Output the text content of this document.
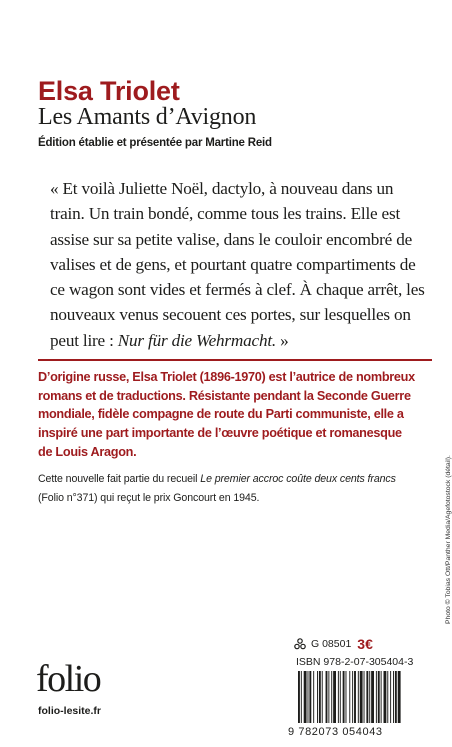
Elsa Triolet
Les Amants d’Avignon
Édition établie et présentée par Martine Reid

« Et voilà Juliette Noël, dactylo, à nouveau dans un

train. Un train bondé, comme tous les trains. Elle est

assise sur sa petite valise, dans le couloir encombré de

valises et de gens, et pourtant quatre compartiments de

ce wagon sont vides et fermés à clef. À chaque arrêt, les

nouveaux venus secouent ces portes, sur lesquelles on

peut lire : Nur für die Wehrmacht. »

D’origine russe, Elsa Triolet (1896-1970) est l’autrice de nombreux

romans et de traductions. Résistante pendant la Seconde Guerre

mondiale, fidèle compagne de route du Parti communiste, elle a

inspiré une part importante de l’œuvre poétique et romanesque

de Louis Aragon.

Cette nouvelle fait partie du recueil Le premier accroc coûte deux cents francs

(Folio n°371) qui reçut le prix Goncourt en 1945.	Photo © Tobias Ott/Panther Media/Agefotostock (détail).
folio
folio-lesite.fr
G 08501 3€
ISBN 978-2-07-305404-3
9 782073 054043
